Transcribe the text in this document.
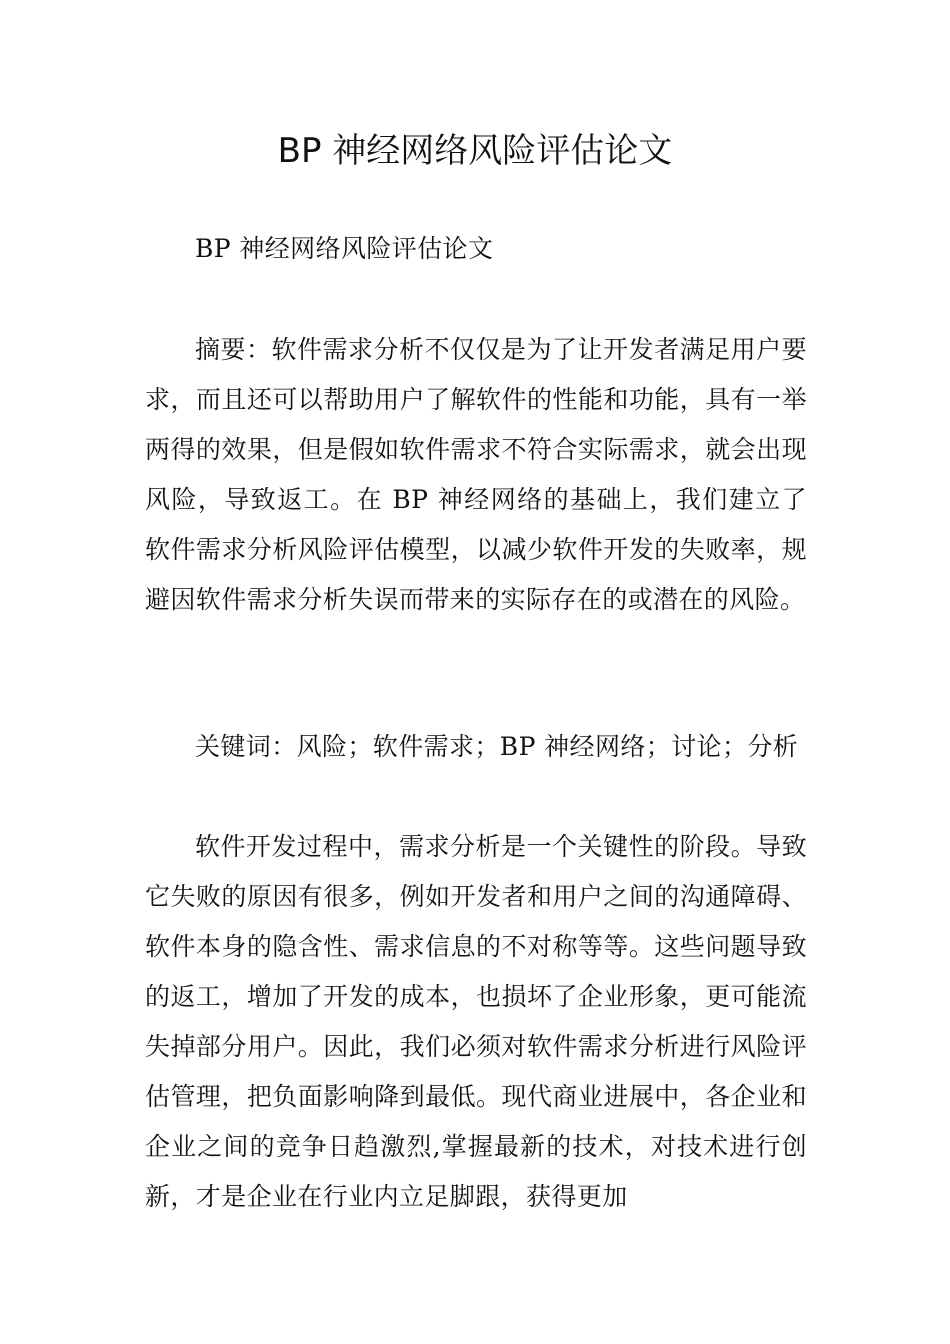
BP 神经网络风险评估论文

BP 神经网络风险评估论文

摘要：软件需求分析不仅仅是为了让开发者满足用户要求，而且还可以帮助用户了解软件的性能和功能，具有一举两得的效果，但是假如软件需求不符合实际需求，就会出现风险，导致返工。在 BP 神经网络的基础上，我们建立了软件需求分析风险评估模型，以减少软件开发的失败率，规避因软件需求分析失误而带来的实际存在的或潜在的风险。

关键词：风险；软件需求；BP 神经网络；讨论；分析

软件开发过程中，需求分析是一个关键性的阶段。导致它失败的原因有很多，例如开发者和用户之间的沟通障碍、软件本身的隐含性、需求信息的不对称等等。这些问题导致的返工，增加了开发的成本，也损坏了企业形象，更可能流失掉部分用户。因此，我们必须对软件需求分析进行风险评估管理，把负面影响降到最低。现代商业进展中，各企业和企业之间的竞争日趋激烈,掌握最新的技术，对技术进行创新，才是企业在行业内立足脚跟，获得更加
